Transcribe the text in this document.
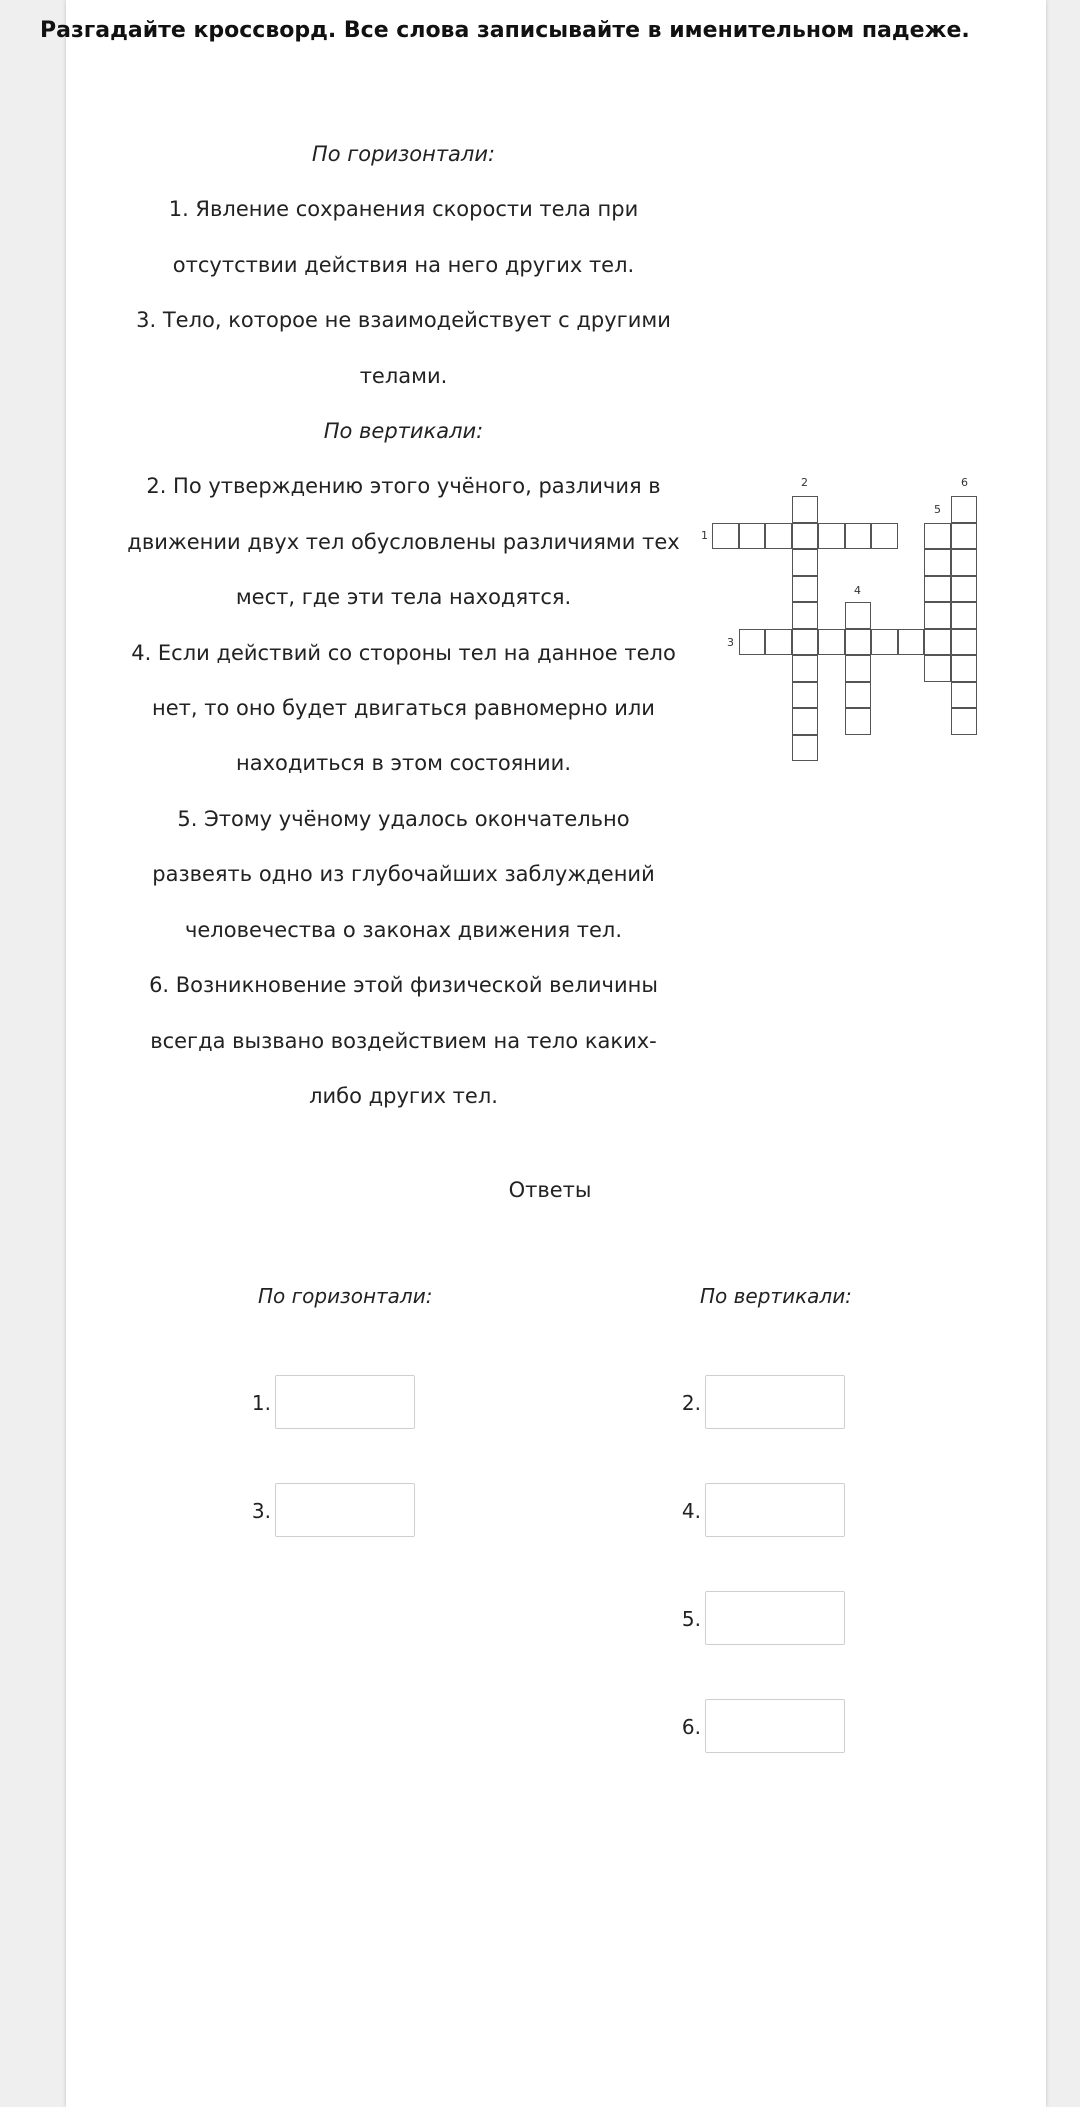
Разгадайте кроссворд. Все слова записывайте в именительном падеже.
По горизонтали:
1. Явление сохранения скорости тела при
отсутствии действия на него других тел.
3. Тело, которое не взаимодействует с другими
телами.
По вертикали:
2. По утверждению этого учёного, различия в
движении двух тел обусловлены различиями тех
мест, где эти тела находятся.
4. Если действий со стороны тел на данное тело
нет, то оно будет двигаться равномерно или
находиться в этом состоянии.
5. Этому учёному удалось окончательно
развеять одно из глубочайших заблуждений
человечества о законах движения тел.
6. Возникновение этой физической величины
всегда вызвано воздействием на тело каких-
либо других тел.
1
2
3
4
5
6
Ответы
По горизонтали:	По вертикали:
1.
3.
2.
4.
5.
6.
